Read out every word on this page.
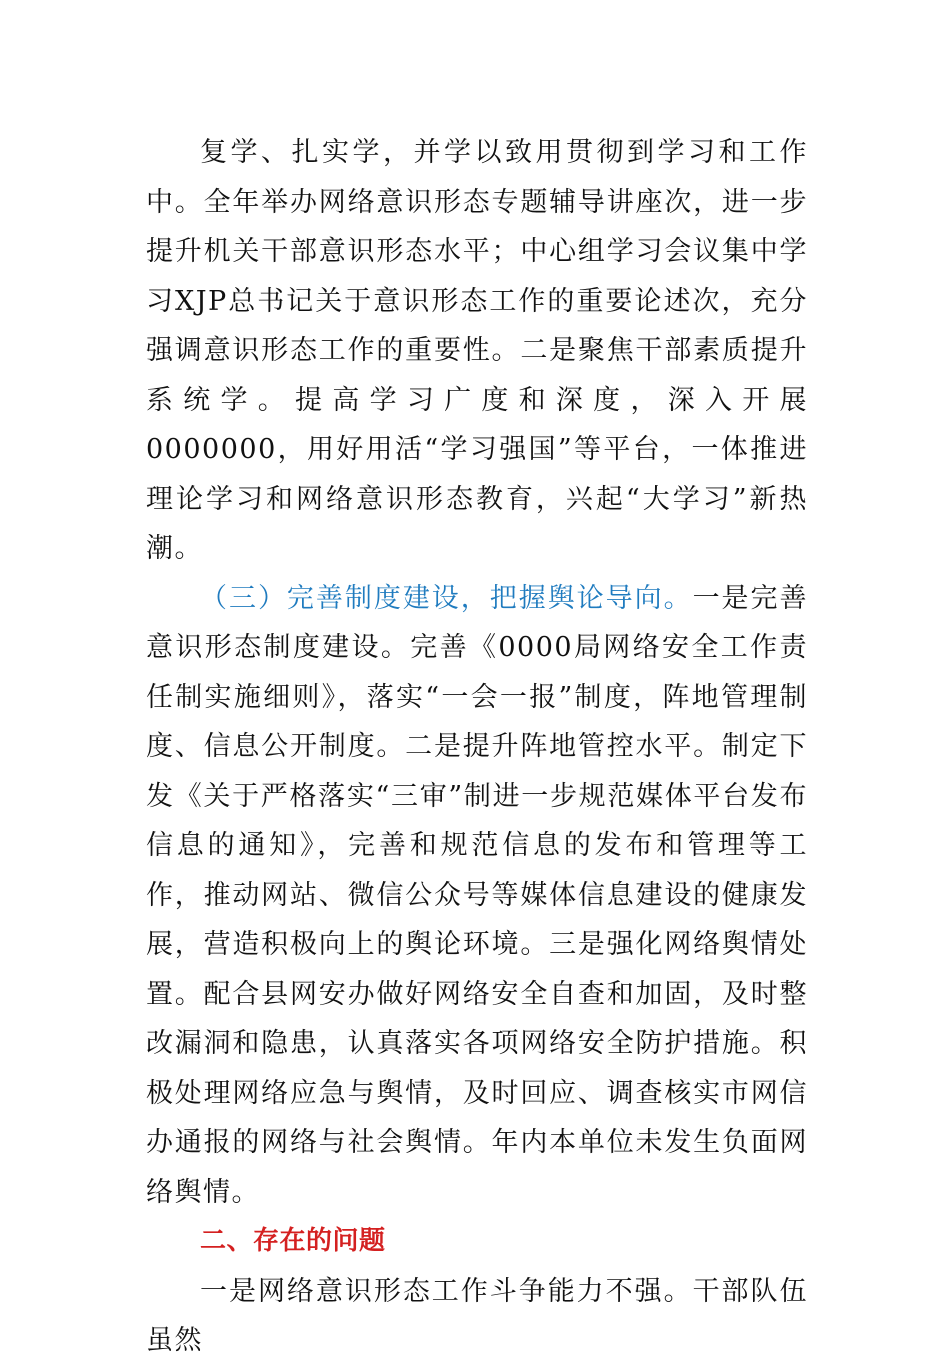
复学、扎实学，并学以致用贯彻到学习和工作中。全年举办网络意识形态专题辅导讲座次，进一步提升机关干部意识形态水平；中心组学习会议集中学习XJP总书记关于意识形态工作的重要论述次，充分强调意识形态工作的重要性。二是聚焦干部素质提升系统学。提高学习广度和深度，深入开展0000000，用好用活“学习强国”等平台，一体推进理论学习和网络意识形态教育，兴起“大学习”新热潮。

（三）完善制度建设，把握舆论导向。一是完善意识形态制度建设。完善《0000局网络安全工作责任制实施细则》，落实“一会一报”制度，阵地管理制度、信息公开制度。二是提升阵地管控水平。制定下发《关于严格落实“三审”制进一步规范媒体平台发布信息的通知》，完善和规范信息的发布和管理等工作，推动网站、微信公众号等媒体信息建设的健康发展，营造积极向上的舆论环境。三是强化网络舆情处置。配合县网安办做好网络安全自查和加固，及时整改漏洞和隐患，认真落实各项网络安全防护措施。积极处理网络应急与舆情，及时回应、调查核实市网信办通报的网络与社会舆情。年内本单位未发生负面网络舆情。

二、存在的问题

一是网络意识形态工作斗争能力不强。干部队伍虽然
